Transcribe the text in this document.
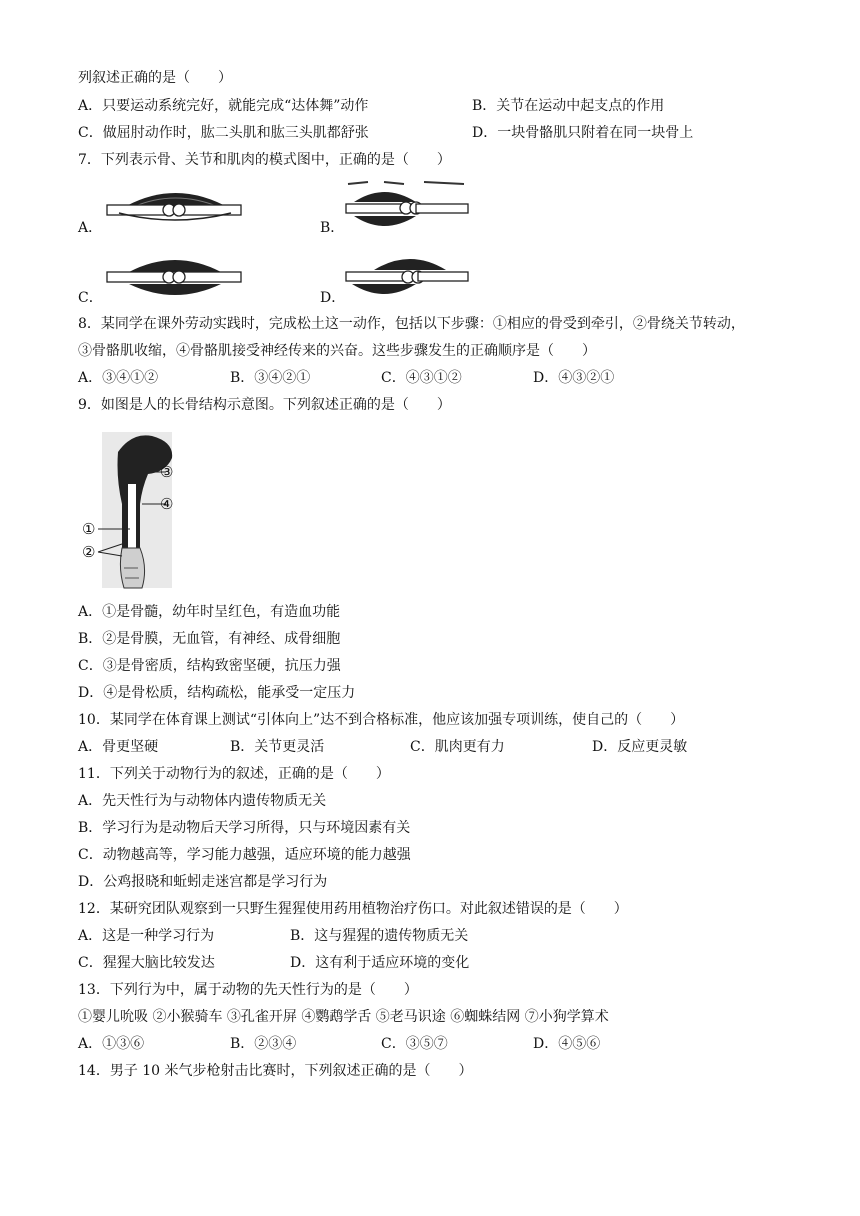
列叙述正确的是（　　）
A．只要运动系统完好，就能完成“达体舞”动作	B．关节在运动中起支点的作用
C．做屈肘动作时，肱二头肌和肱三头肌都舒张	D．一块骨骼肌只附着在同一块骨上
7．下列表示骨、关节和肌肉的模式图中，正确的是（　　）
A．	B．
C．	D．
8．某同学在课外劳动实践时，完成松土这一动作，包括以下步骤：①相应的骨受到牵引，②骨绕关节转动，
③骨骼肌收缩，④骨骼肌接受神经传来的兴奋。这些步骤发生的正确顺序是（　　）
A．③④①②	B．③④②①	C．④③①②	D．④③②①
9．如图是人的长骨结构示意图。下列叙述正确的是（　　）
③
④
①
②
A．①是骨髓，幼年时呈红色，有造血功能
B．②是骨膜，无血管，有神经、成骨细胞
C．③是骨密质，结构致密坚硬，抗压力强
D．④是骨松质，结构疏松，能承受一定压力
10．某同学在体育课上测试“引体向上”达不到合格标准，他应该加强专项训练，使自己的（　　）
A．骨更坚硬	B．关节更灵活	C．肌肉更有力	D．反应更灵敏
11．下列关于动物行为的叙述，正确的是（　　）
A．先天性行为与动物体内遗传物质无关
B．学习行为是动物后天学习所得，只与环境因素有关
C．动物越高等，学习能力越强，适应环境的能力越强
D．公鸡报晓和蚯蚓走迷宫都是学习行为
12．某研究团队观察到一只野生猩猩使用药用植物治疗伤口。对此叙述错误的是（　　）
A．这是一种学习行为	B．这与猩猩的遗传物质无关
C．猩猩大脑比较发达	D．这有利于适应环境的变化
13．下列行为中，属于动物的先天性行为的是（　　）
①婴儿吮吸 ②小猴骑车 ③孔雀开屏 ④鹦鹉学舌 ⑤老马识途 ⑥蜘蛛结网 ⑦小狗学算术
A．①③⑥	B．②③④	C．③⑤⑦	D．④⑤⑥
14．男子 10 米气步枪射击比赛时，下列叙述正确的是（　　）
